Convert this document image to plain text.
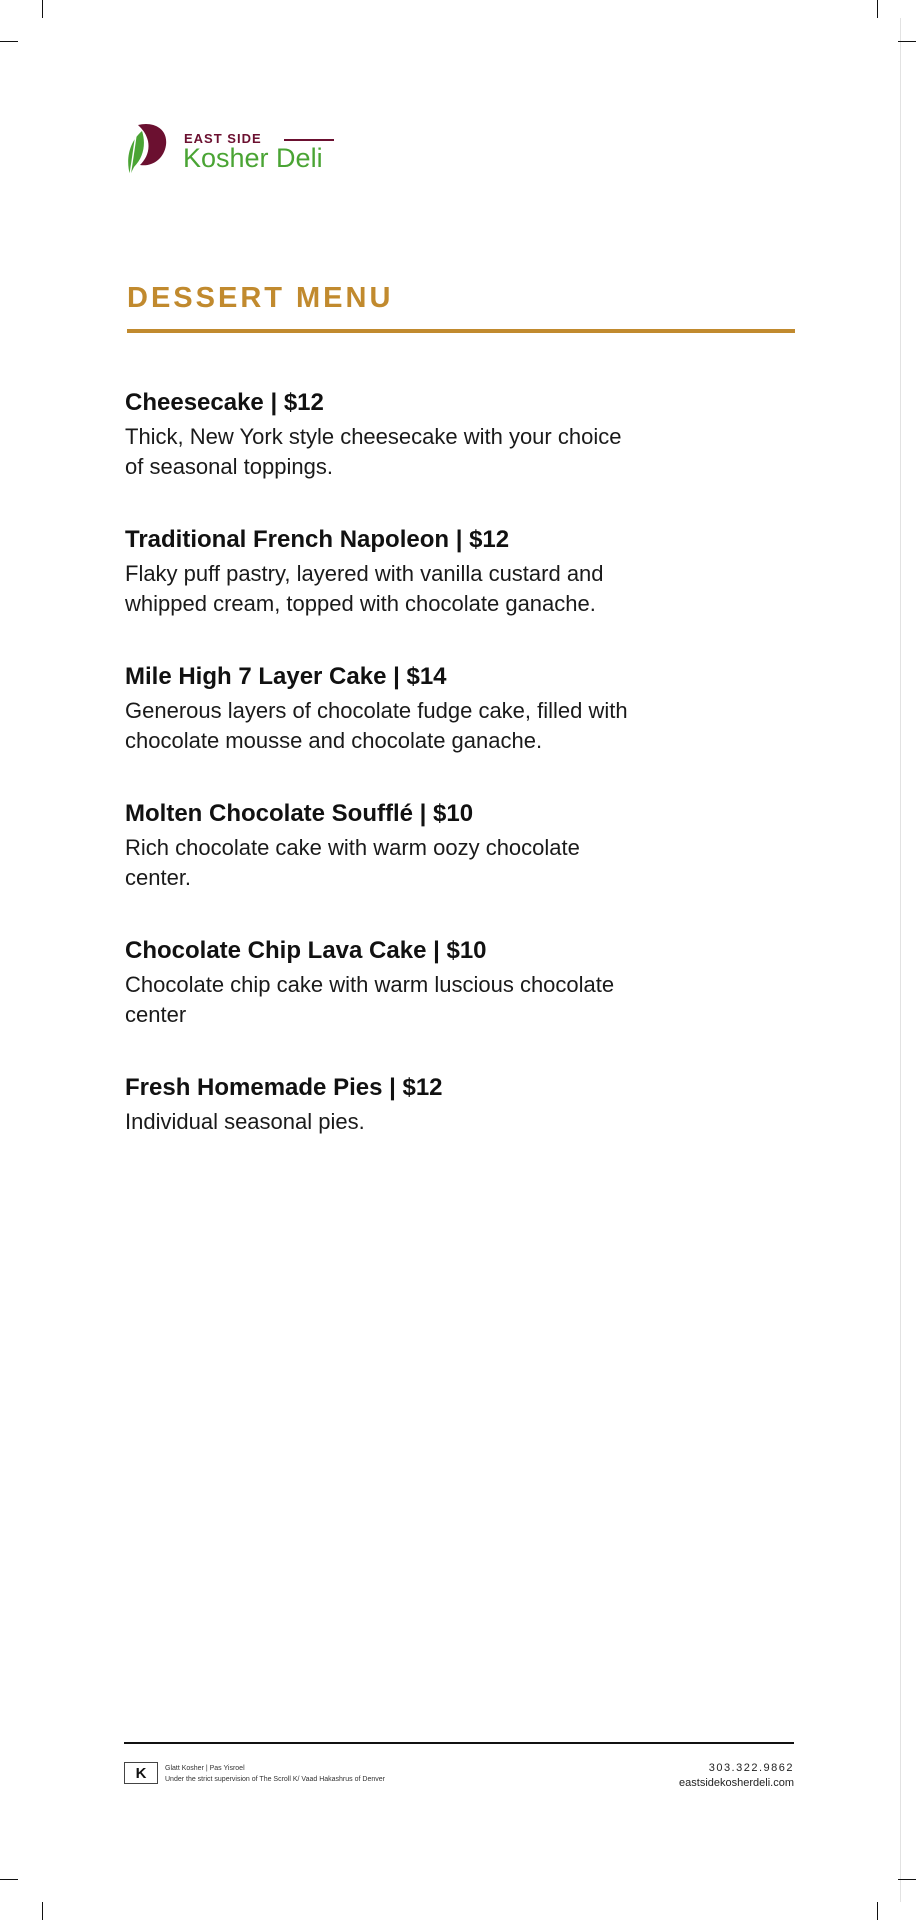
EAST SIDE
Kosher Deli
DESSERT MENU
Cheesecake | $12
Thick, New York style cheesecake with your choice of seasonal toppings.
Traditional French Napoleon | $12
Flaky puff pastry, layered with vanilla custard and whipped cream, topped with chocolate ganache.
Mile High 7 Layer Cake | $14
Generous layers of chocolate fudge cake, filled with chocolate mousse and chocolate ganache.
Molten Chocolate Soufflé | $10
Rich chocolate cake with warm oozy chocolate center.
Chocolate Chip Lava Cake | $10
Chocolate chip cake with warm luscious chocolate center
Fresh Homemade Pies | $12
Individual seasonal pies.
K	Glatt Kosher | Pas Yisroel
Under the strict supervision of The Scroll K/ Vaad Hakashrus of Denver
303.322.9862
eastsidekosherdeli.com
